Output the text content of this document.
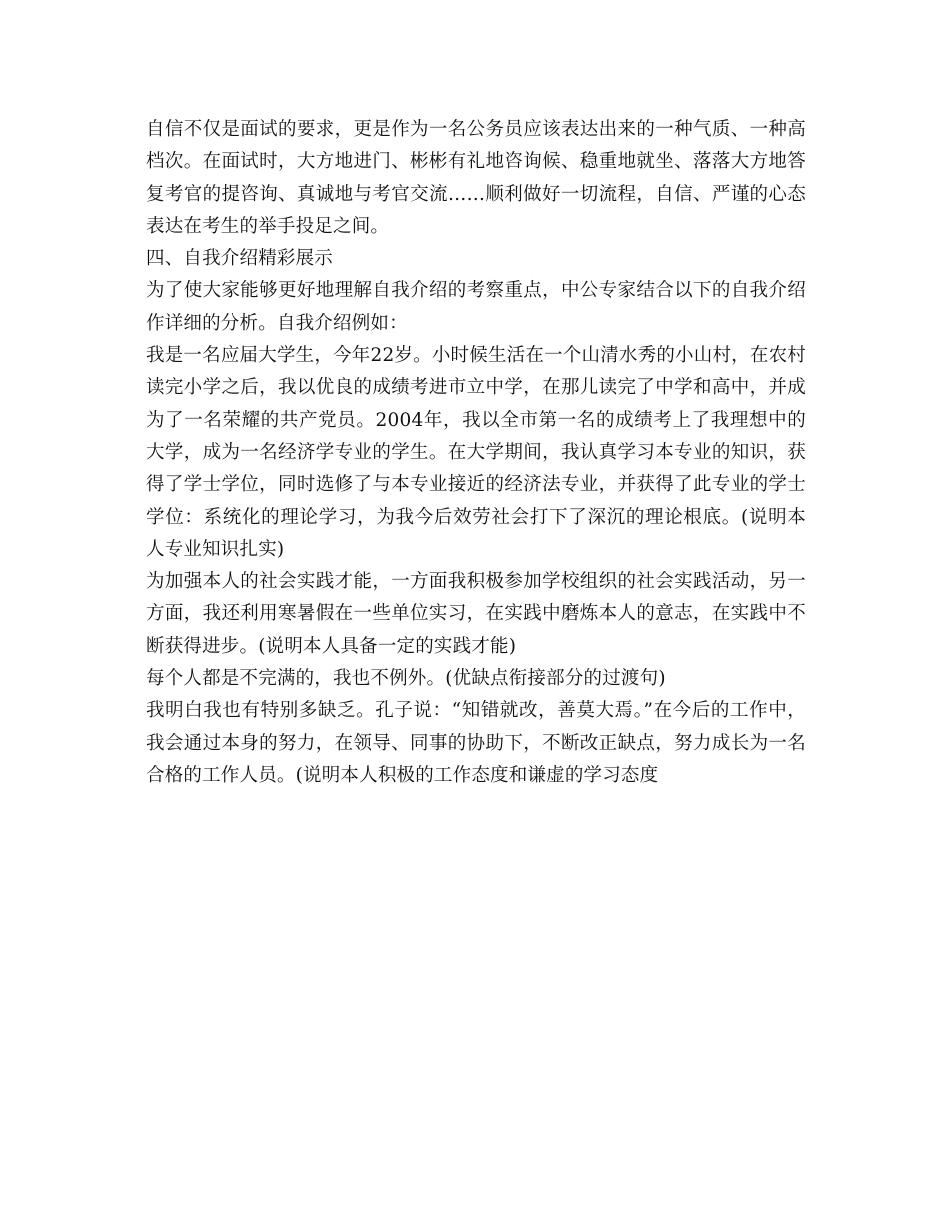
自信不仅是面试的要求，更是作为一名公务员应该表达出来的一种气质、一种高档次。在面试时，大方地进门、彬彬有礼地咨询候、稳重地就坐、落落大方地答复考官的提咨询、真诚地与考官交流……顺利做好一切流程，自信、严谨的心态表达在考生的举手投足之间。

四、自我介绍精彩展示

为了使大家能够更好地理解自我介绍的考察重点，中公专家结合以下的自我介绍作详细的分析。自我介绍例如：

我是一名应届大学生，今年22岁。小时候生活在一个山清水秀的小山村，在农村读完小学之后，我以优良的成绩考进市立中学，在那儿读完了中学和高中，并成为了一名荣耀的共产党员。2004年，我以全市第一名的成绩考上了我理想中的大学，成为一名经济学专业的学生。在大学期间，我认真学习本专业的知识，获得了学士学位，同时选修了与本专业接近的经济法专业，并获得了此专业的学士学位：系统化的理论学习，为我今后效劳社会打下了深沉的理论根底。(说明本人专业知识扎实)

为加强本人的社会实践才能，一方面我积极参加学校组织的社会实践活动，另一方面，我还利用寒暑假在一些单位实习，在实践中磨炼本人的意志，在实践中不断获得进步。(说明本人具备一定的实践才能)

每个人都是不完满的，我也不例外。(优缺点衔接部分的过渡句)

我明白我也有特别多缺乏。孔子说：“知错就改，善莫大焉。”在今后的工作中，我会通过本身的努力，在领导、同事的协助下，不断改正缺点，努力成长为一名合格的工作人员。(说明本人积极的工作态度和谦虚的学习态度
